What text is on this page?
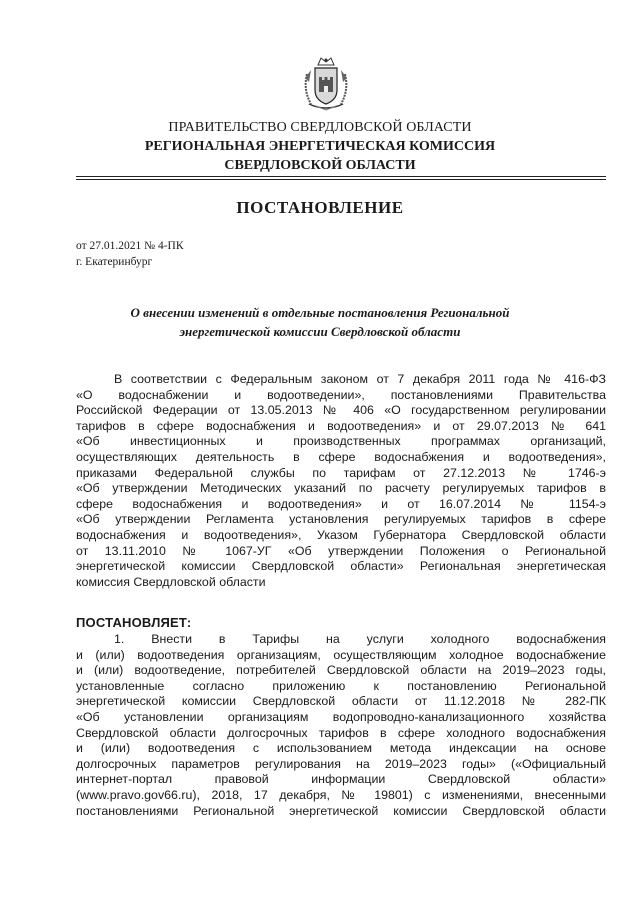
ПРАВИТЕЛЬСТВО СВЕРДЛОВСКОЙ ОБЛАСТИ
РЕГИОНАЛЬНАЯ ЭНЕРГЕТИЧЕСКАЯ КОМИССИЯ
СВЕРДЛОВСКОЙ ОБЛАСТИ
ПОСТАНОВЛЕНИЕ
от 27.01.2021 № 4-ПК
г. Екатеринбург
О внесении изменений в отдельные постановления Региональной
энергетической комиссии Свердловской области
В соответствии с Федеральным законом от 7 декабря 2011 года № 416-ФЗ
«О водоснабжении и водоотведении», постановлениями Правительства
Российской Федерации от 13.05.2013 № 406 «О государственном регулировании
тарифов в сфере водоснабжения и водоотведения» и от 29.07.2013 № 641
«Об инвестиционных и производственных программах организаций,
осуществляющих деятельность в сфере водоснабжения и водоотведения»,
приказами Федеральной службы по тарифам от 27.12.2013 № 1746-э
«Об утверждении Методических указаний по расчету регулируемых тарифов в
сфере водоснабжения и водоотведения» и от 16.07.2014 № 1154-э
«Об утверждении Регламента установления регулируемых тарифов в сфере
водоснабжения и водоотведения», Указом Губернатора Свердловской области
от 13.11.2010 № 1067-УГ «Об утверждении Положения о Региональной
энергетической комиссии Свердловской области» Региональная энергетическая
комиссия Свердловской области
ПОСТАНОВЛЯЕТ:
1. Внести в Тарифы на услуги холодного водоснабжения
и (или) водоотведения организациям, осуществляющим холодное водоснабжение
и (или) водоотведение, потребителей Свердловской области на 2019–2023 годы,
установленные согласно приложению к постановлению Региональной
энергетической комиссии Свердловской области от 11.12.2018 № 282-ПК
«Об установлении организациям водопроводно-канализационного хозяйства
Свердловской области долгосрочных тарифов в сфере холодного водоснабжения
и (или) водоотведения с использованием метода индексации на основе
долгосрочных параметров регулирования на 2019–2023 годы» («Официальный
интернет-портал правовой информации Свердловской области»
(www.pravo.gov66.ru), 2018, 17 декабря, № 19801) с изменениями, внесенными
постановлениями Региональной энергетической комиссии Свердловской области
